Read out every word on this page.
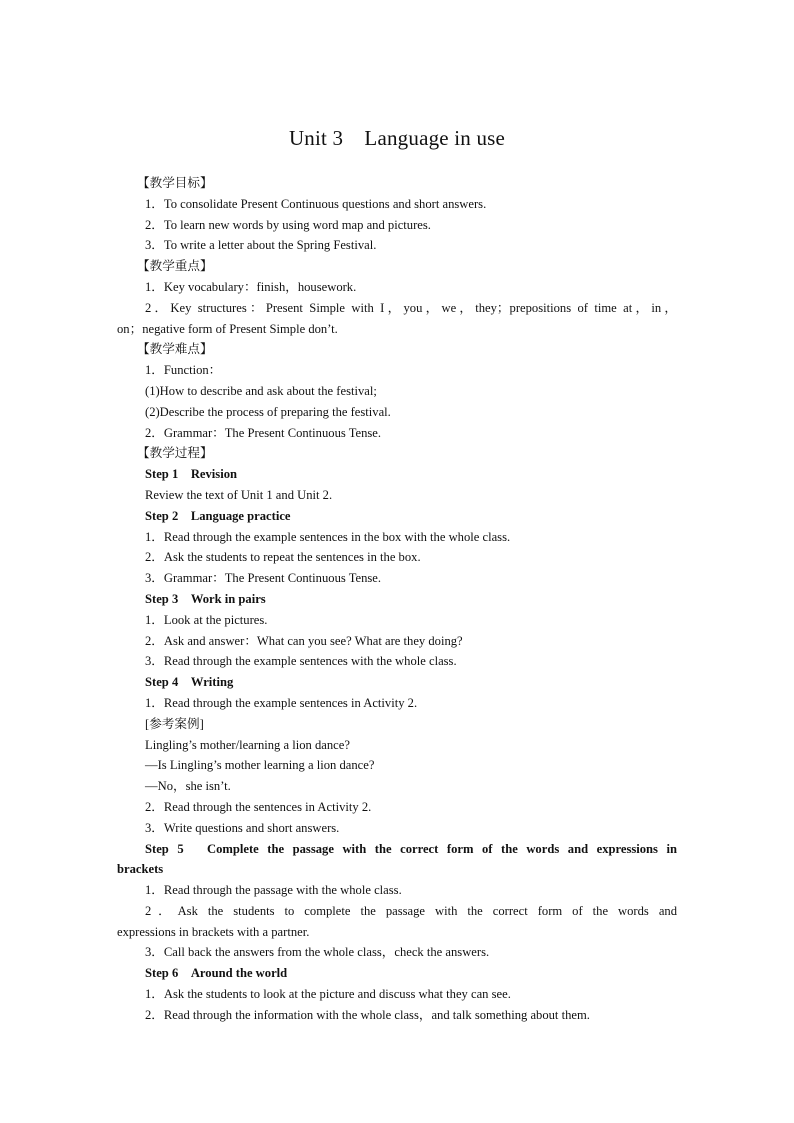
Unit 3　Language in use

【教学目标】

1．To consolidate Present Continuous questions and short answers.

2．To learn new words by using word map and pictures.

3．To write a letter about the Spring Festival.

【教学重点】

1．Key vocabulary：finish，housework.

2．Key structures：Present Simple with I，you，we，they；prepositions of time at，in，

on；negative form of Present Simple don’t.

【教学难点】

1．Function：

(1)How to describe and ask about the festival;

(2)Describe the process of preparing the festival.

2．Grammar：The Present Continuous Tense.

【教学过程】

Step 1　Revision

Review the text of Unit 1 and Unit 2.

Step 2　Language practice

1．Read through the example sentences in the box with the whole class.

2．Ask the students to repeat the sentences in the box.

3．Grammar：The Present Continuous Tense.

Step 3　Work in pairs

1．Look at the pictures.

2．Ask and answer：What can you see? What are they doing?

3．Read through the example sentences with the whole class.

Step 4　Writing

1．Read through the example sentences in Activity 2.

[参考案例]

Lingling’s mother/learning a lion dance?

—Is Lingling’s mother learning a lion dance?

—No，she isn’t.

2．Read through the sentences in Activity 2.

3．Write questions and short answers.

Step 5　Complete the passage with the correct form of the words and expressions in

brackets

1．Read through the passage with the whole class.

2．Ask the students to complete the passage with the correct form of the words and

expressions in brackets with a partner.

3．Call back the answers from the whole class，check the answers.

Step 6　Around the world

1．Ask the students to look at the picture and discuss what they can see.

2．Read through the information with the whole class，and talk something about them.
